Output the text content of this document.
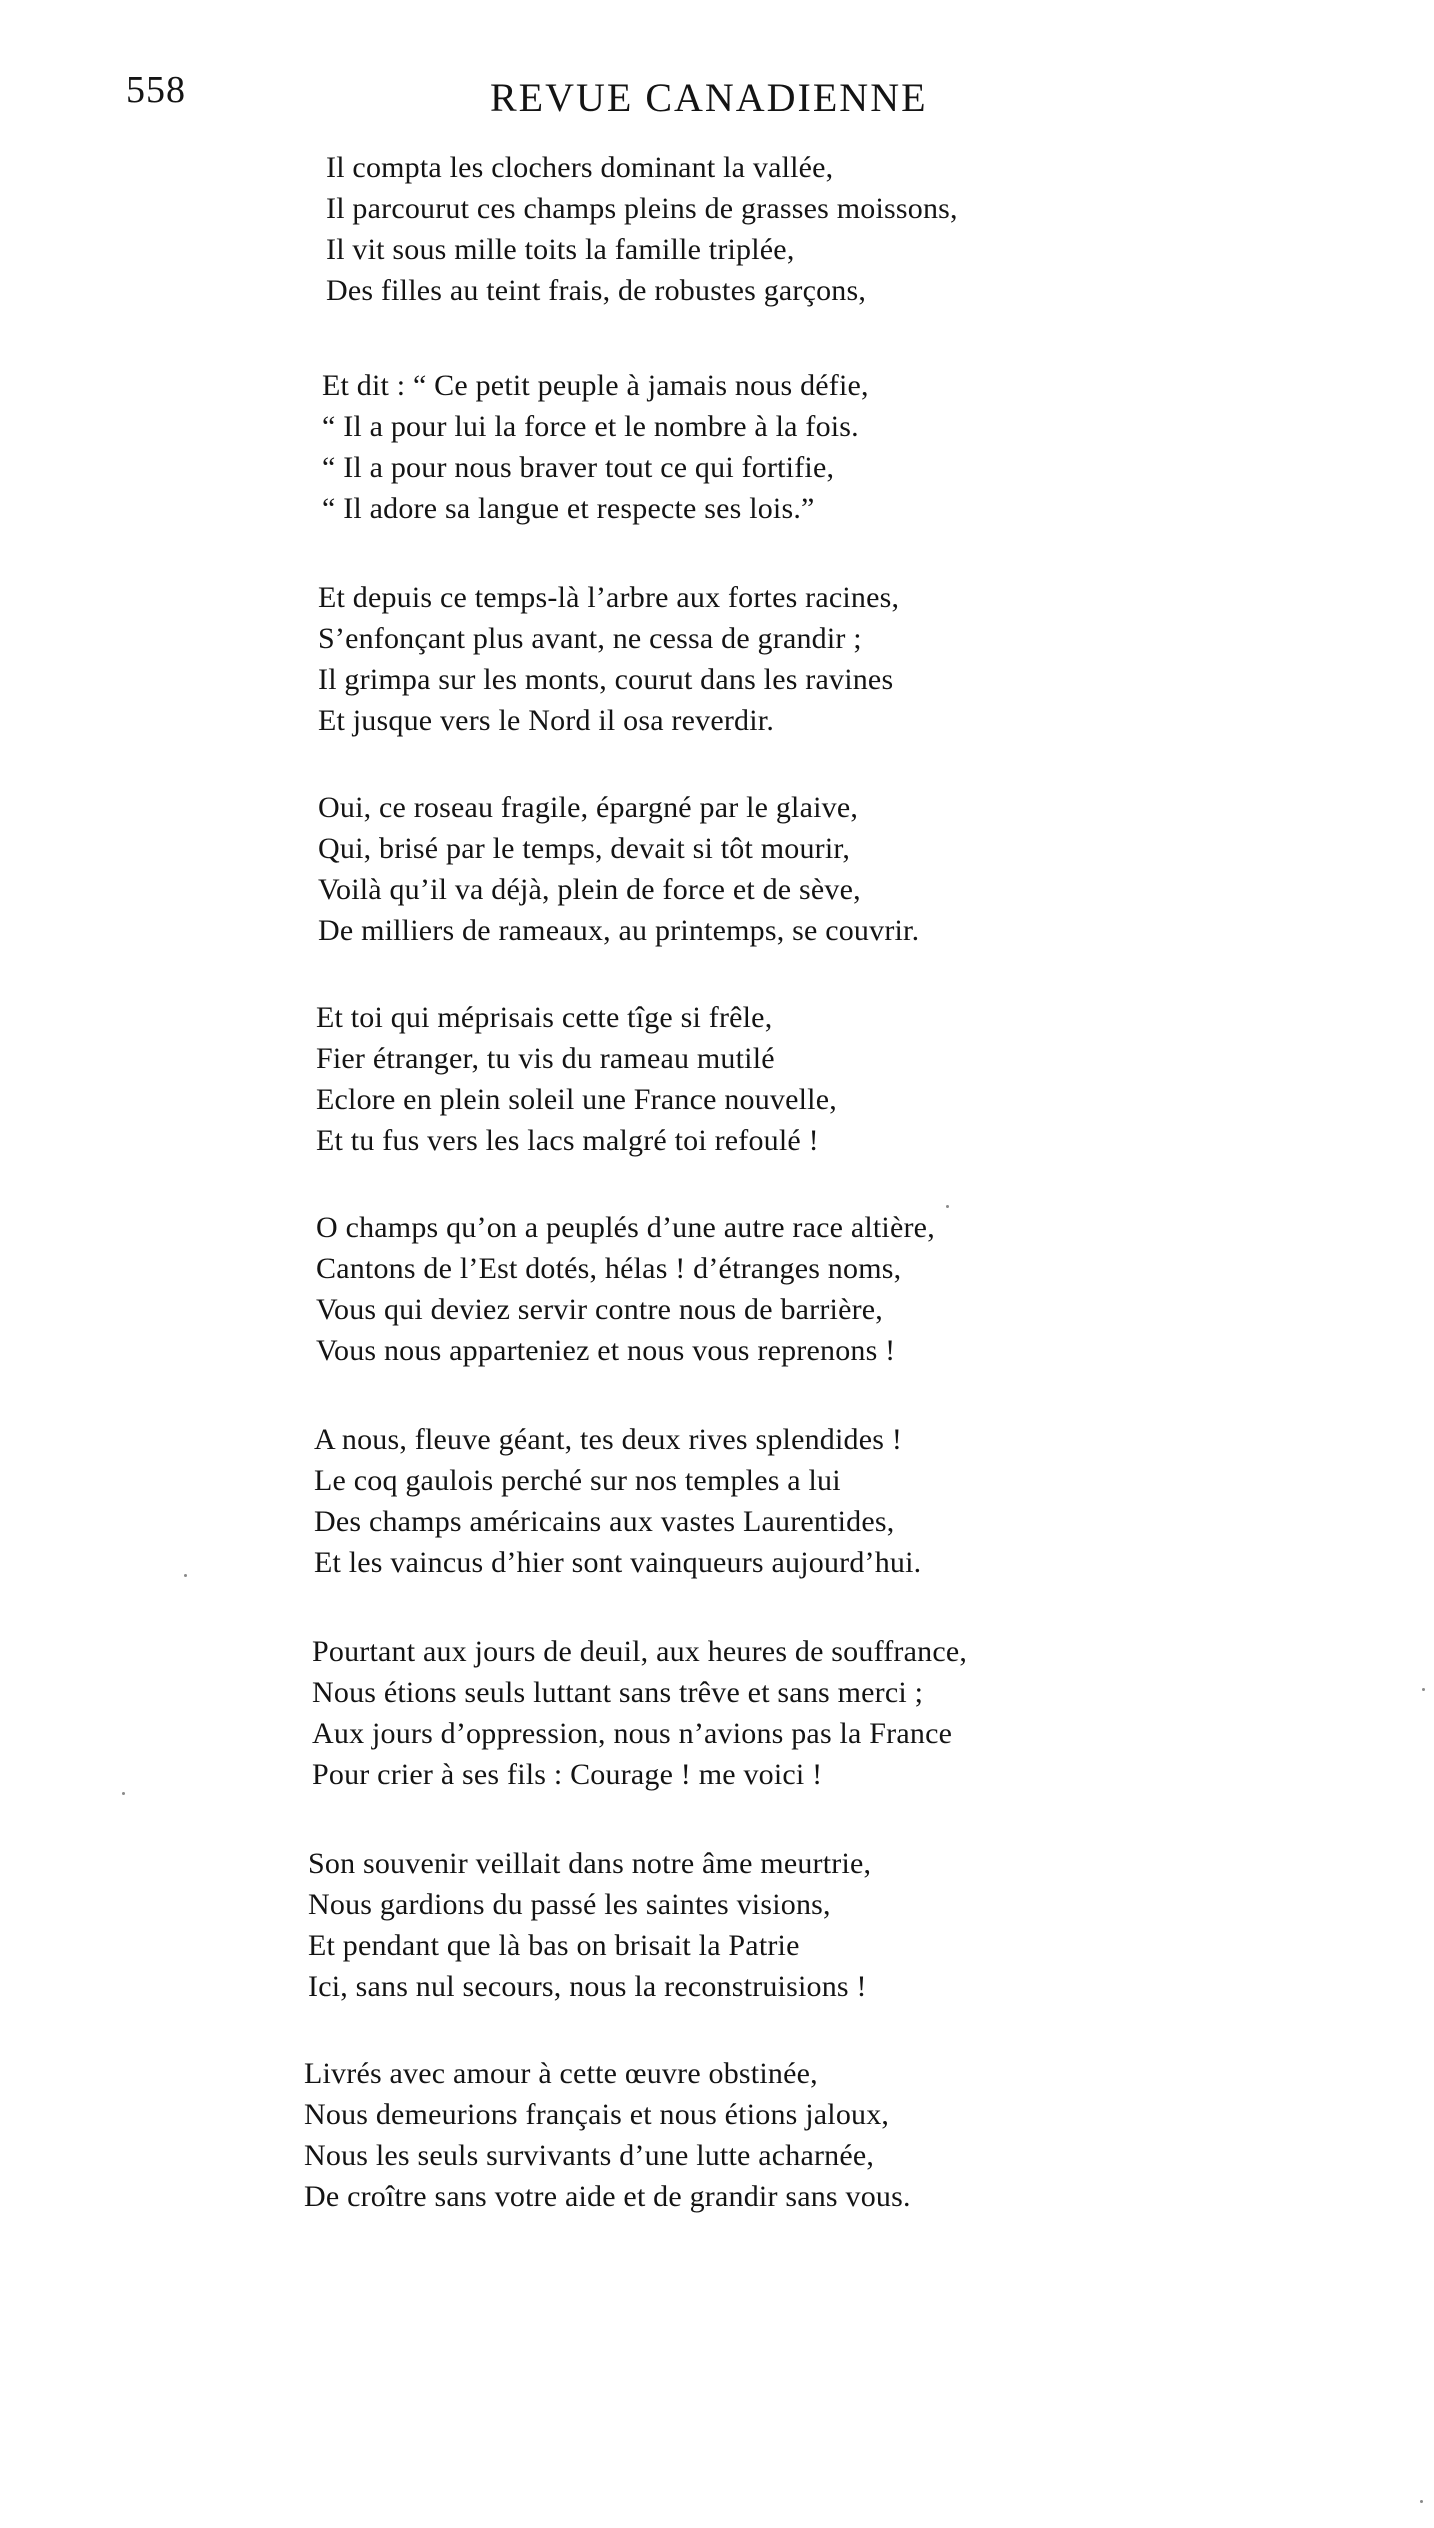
558	REVUE CANADIENNE
Il compta les clochers dominant la vallée,
Il parcourut ces champs pleins de grasses moissons,
Il vit sous mille toits la famille triplée,
Des filles au teint frais, de robustes garçons,
Et dit : “ Ce petit peuple à jamais nous défie,
“ Il a pour lui la force et le nombre à la fois.
“ Il a pour nous braver tout ce qui fortifie,
“ Il adore sa langue et respecte ses lois.”
Et depuis ce temps-là l’arbre aux fortes racines,
S’enfonçant plus avant, ne cessa de grandir ;
Il grimpa sur les monts, courut dans les ravines
Et jusque vers le Nord il osa reverdir.
Oui, ce roseau fragile, épargné par le glaive,
Qui, brisé par le temps, devait si tôt mourir,
Voilà qu’il va déjà, plein de force et de sève,
De milliers de rameaux, au printemps, se couvrir.
Et toi qui méprisais cette tîge si frêle,
Fier étranger, tu vis du rameau mutilé
Eclore en plein soleil une France nouvelle,
Et tu fus vers les lacs malgré toi refoulé !
O champs qu’on a peuplés d’une autre race altière,
Cantons de l’Est dotés, hélas ! d’étranges noms,
Vous qui deviez servir contre nous de barrière,
Vous nous apparteniez et nous vous reprenons !
A nous, fleuve géant, tes deux rives splendides !
Le coq gaulois perché sur nos temples a lui
Des champs américains aux vastes Laurentides,
Et les vaincus d’hier sont vainqueurs aujourd’hui.
Pourtant aux jours de deuil, aux heures de souffrance,
Nous étions seuls luttant sans trêve et sans merci ;
Aux jours d’oppression, nous n’avions pas la France
Pour crier à ses fils : Courage ! me voici !
Son souvenir veillait dans notre âme meurtrie,
Nous gardions du passé les saintes visions,
Et pendant que là bas on brisait la Patrie
Ici, sans nul secours, nous la reconstruisions !
Livrés avec amour à cette œuvre obstinée,
Nous demeurions français et nous étions jaloux,
Nous les seuls survivants d’une lutte acharnée,
De croître sans votre aide et de grandir sans vous.
